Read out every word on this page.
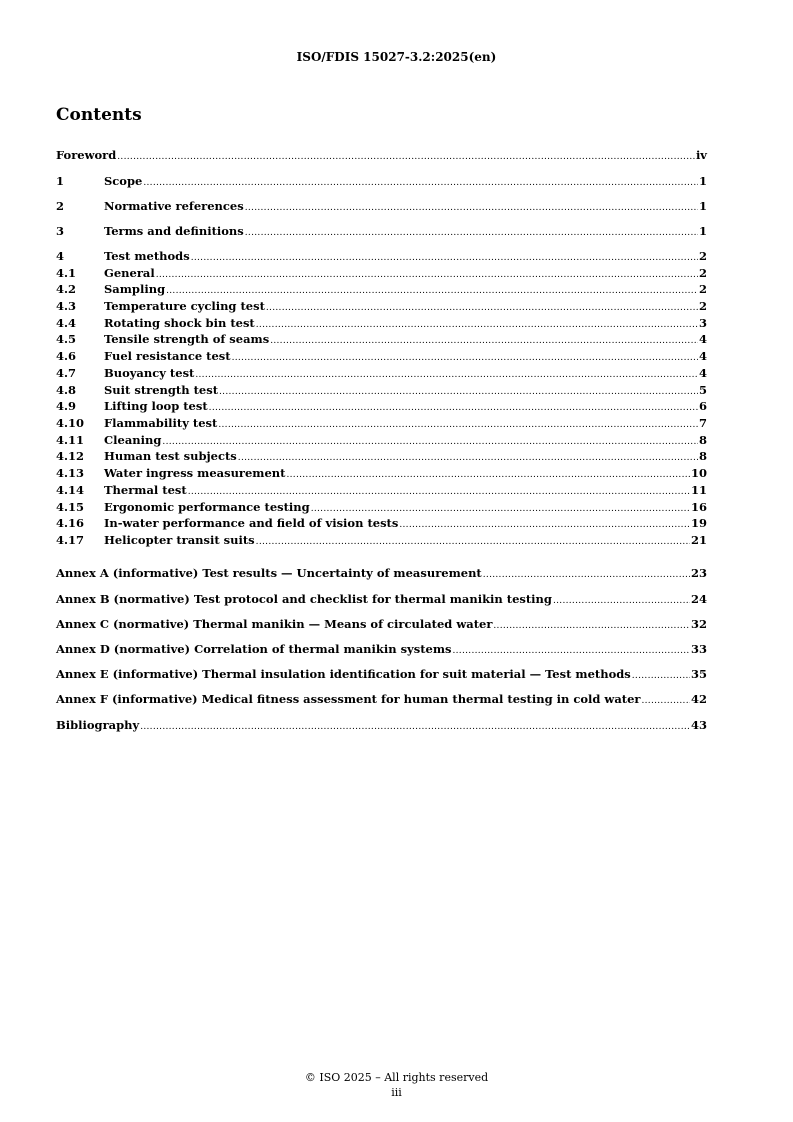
ISO/FDIS 15027-3.2:2025(en)
Contents
Foreword .....	iv
1	Scope .....	1
2	Normative references .....	1
3	Terms and definitions .....	1
4	Test methods .....	2
4.1	General .....	2
4.2	Sampling .....	2
4.3	Temperature cycling test .....	2
4.4	Rotating shock bin test .....	3
4.5	Tensile strength of seams .....	4
4.6	Fuel resistance test .....	4
4.7	Buoyancy test .....	4
4.8	Suit strength test .....	5
4.9	Lifting loop test .....	6
4.10	Flammability test .....	7
4.11	Cleaning .....	8
4.12	Human test subjects .....	8
4.13	Water ingress measurement .....	10
4.14	Thermal test .....	11
4.15	Ergonomic performance testing .....	16
4.16	In-water performance and field of vision tests .....	19
4.17	Helicopter transit suits .....	21
Annex A (informative) Test results — Uncertainty of measurement .....	23
Annex B (normative) Test protocol and checklist for thermal manikin testing .....	24
Annex C (normative) Thermal manikin — Means of circulated water .....	32
Annex D (normative) Correlation of thermal manikin systems .....	33
Annex E (informative) Thermal insulation identification for suit material — Test methods .....	35
Annex F (informative) Medical fitness assessment for human thermal testing in cold water .....	42
Bibliography .....	43
© ISO 2025 – All rights reserved
iii
